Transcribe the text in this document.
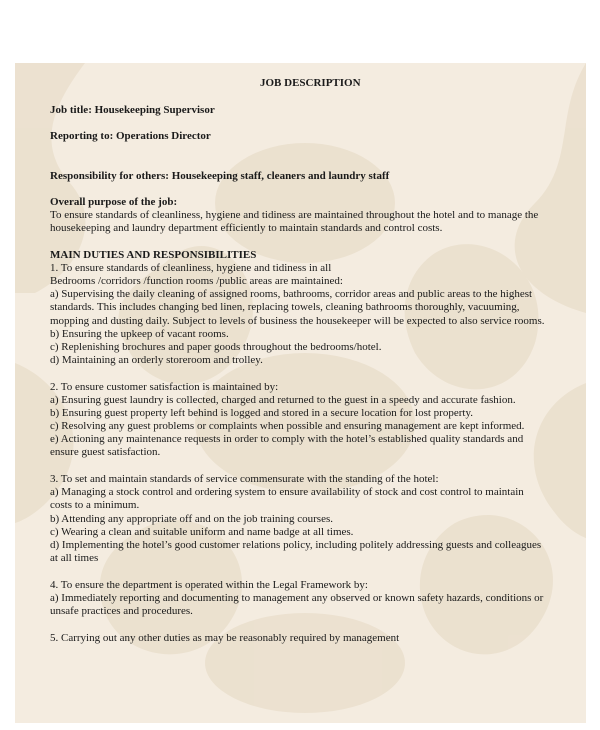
JOB DESCRIPTION
Job title: Housekeeping Supervisor
Reporting to: Operations Director
Responsibility for others: Housekeeping staff, cleaners and laundry staff
Overall purpose of the job:
To ensure standards of cleanliness, hygiene and tidiness are maintained throughout the hotel and to manage the
housekeeping and laundry department efficiently to maintain standards and control costs.
MAIN DUTIES AND RESPONSIBILITIES
1. To ensure standards of cleanliness, hygiene and tidiness in all
Bedrooms /corridors /function rooms /public areas are maintained:
a) Supervising the daily cleaning of assigned rooms, bathrooms, corridor areas and public areas to the highest
standards. This includes changing bed linen, replacing towels, cleaning bathrooms thoroughly, vacuuming,
mopping and dusting daily. Subject to levels of business the housekeeper will be expected to also service rooms.
b) Ensuring the upkeep of vacant rooms.
c) Replenishing brochures and paper goods throughout the bedrooms/hotel.
d) Maintaining an orderly storeroom and trolley.
2. To ensure customer satisfaction is maintained by:
a) Ensuring guest laundry is collected, charged and returned to the guest in a speedy and accurate fashion.
b) Ensuring guest property left behind is logged and stored in a secure location for lost property.
c) Resolving any guest problems or complaints when possible and ensuring management are kept informed.
e) Actioning any maintenance requests in order to comply with the hotel’s established quality standards and
ensure guest satisfaction.
3. To set and maintain standards of service commensurate with the standing of the hotel:
a) Managing a stock control and ordering system to ensure availability of stock and cost control to maintain
costs to a minimum.
b) Attending any appropriate off and on the job training courses.
c) Wearing a clean and suitable uniform and name badge at all times.
d) Implementing the hotel’s good customer relations policy, including politely addressing guests and colleagues
at all times
4. To ensure the department is operated within the Legal Framework by:
a) Immediately reporting and documenting to management any observed or known safety hazards, conditions or
unsafe practices and procedures.
5. Carrying out any other duties as may be reasonably required by management
